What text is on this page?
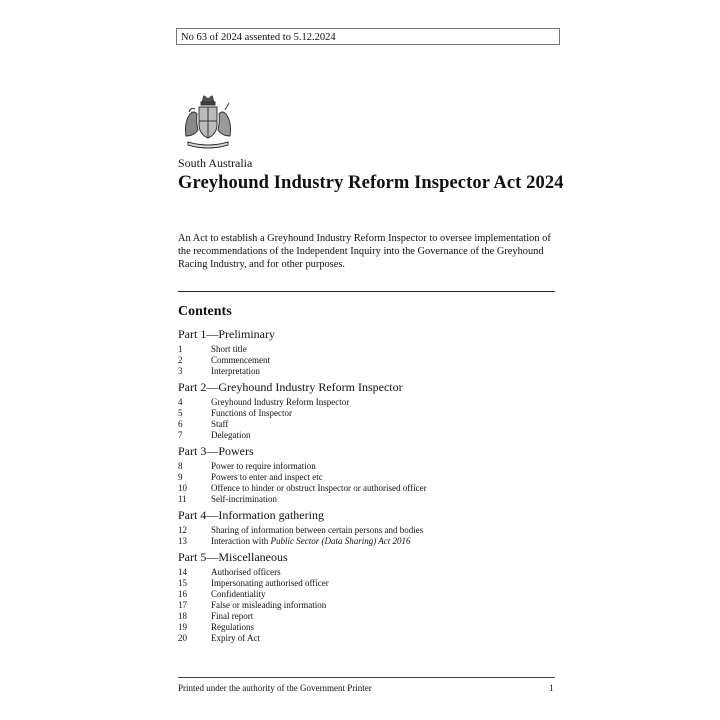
No 63 of 2024 assented to 5.12.2024
South Australia
Greyhound Industry Reform Inspector Act 2024
An Act to establish a Greyhound Industry Reform Inspector to oversee implementation of the recommendations of the Independent Inquiry into the Governance of the Greyhound Racing Industry, and for other purposes.
Contents
Part 1—Preliminary
1	Short title
2	Commencement
3	Interpretation
Part 2—Greyhound Industry Reform Inspector
4	Greyhound Industry Reform Inspector
5	Functions of Inspector
6	Staff
7	Delegation
Part 3—Powers
8	Power to require information
9	Powers to enter and inspect etc
10	Offence to hinder or obstruct Inspector or authorised officer
11	Self-incrimination
Part 4—Information gathering
12	Sharing of information between certain persons and bodies
13	Interaction with Public Sector (Data Sharing) Act 2016
Part 5—Miscellaneous
14	Authorised officers
15	Impersonating authorised officer
16	Confidentiality
17	False or misleading information
18	Final report
19	Regulations
20	Expiry of Act
Printed under the authority of the Government Printer	1
